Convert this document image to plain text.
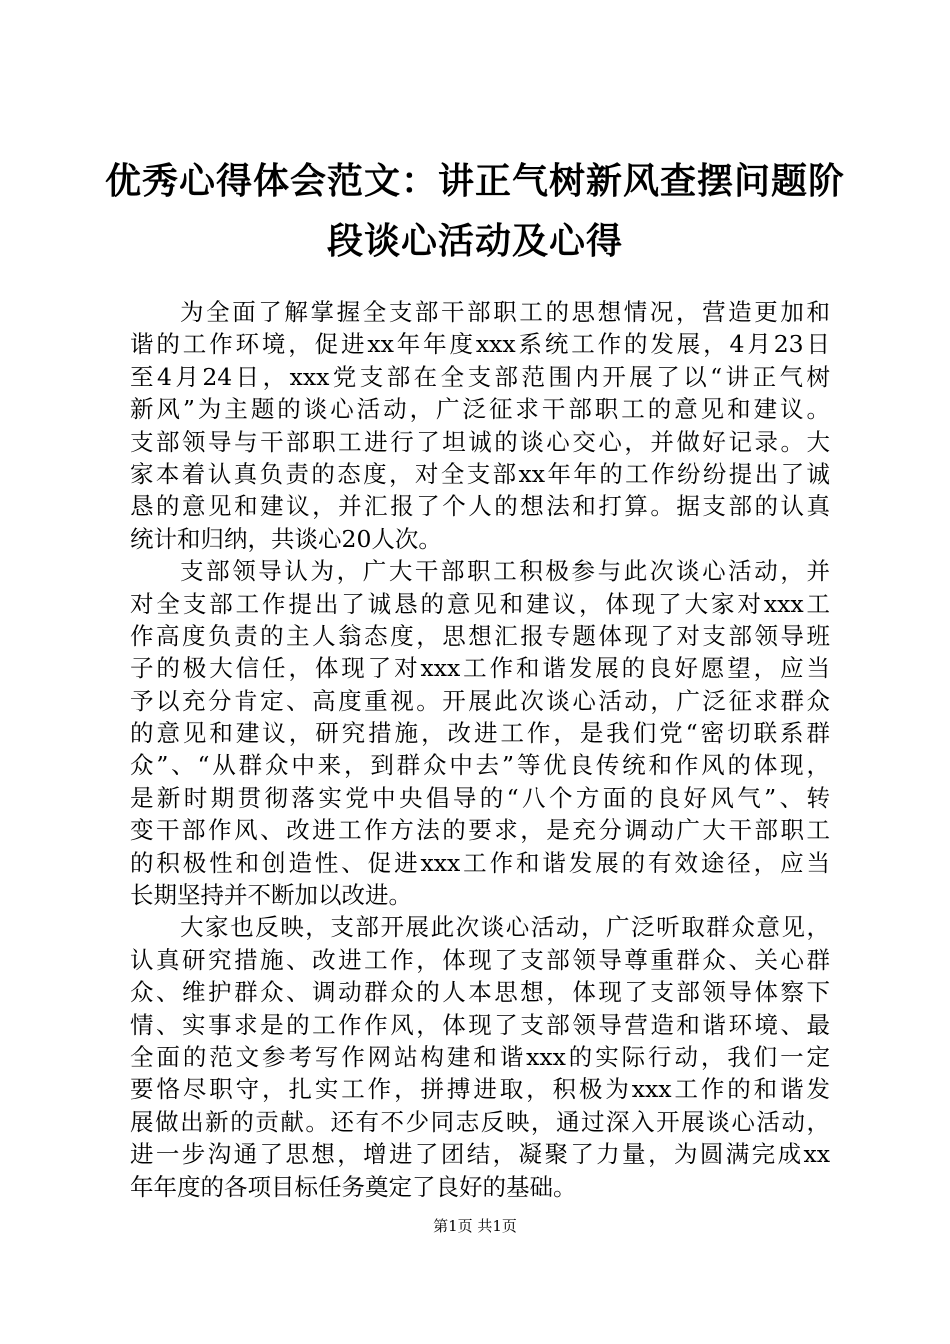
优秀心得体会范文：讲正气树新风查摆问题阶
段谈心活动及心得
为全面了解掌握全支部干部职工的思想情况，营造更加和
谐的工作环境，促进xx年年度xxx系统工作的发展，4月23日
至4月24日，xxx党支部在全支部范围内开展了以“讲正气树
新风”为主题的谈心活动，广泛征求干部职工的意见和建议。
支部领导与干部职工进行了坦诚的谈心交心，并做好记录。大
家本着认真负责的态度，对全支部xx年年的工作纷纷提出了诚
恳的意见和建议，并汇报了个人的想法和打算。据支部的认真
统计和归纳，共谈心20人次。
支部领导认为，广大干部职工积极参与此次谈心活动，并
对全支部工作提出了诚恳的意见和建议，体现了大家对xxx工
作高度负责的主人翁态度，思想汇报专题体现了对支部领导班
子的极大信任，体现了对xxx工作和谐发展的良好愿望，应当
予以充分肯定、高度重视。开展此次谈心活动，广泛征求群众
的意见和建议，研究措施，改进工作，是我们党“密切联系群
众”、“从群众中来，到群众中去”等优良传统和作风的体现，
是新时期贯彻落实党中央倡导的“八个方面的良好风气”、转
变干部作风、改进工作方法的要求，是充分调动广大干部职工
的积极性和创造性、促进xxx工作和谐发展的有效途径，应当
长期坚持并不断加以改进。
大家也反映，支部开展此次谈心活动，广泛听取群众意见，
认真研究措施、改进工作，体现了支部领导尊重群众、关心群
众、维护群众、调动群众的人本思想，体现了支部领导体察下
情、实事求是的工作作风，体现了支部领导营造和谐环境、最
全面的范文参考写作网站构建和谐xxx的实际行动，我们一定
要恪尽职守，扎实工作，拼搏进取，积极为xxx工作的和谐发
展做出新的贡献。还有不少同志反映，通过深入开展谈心活动，
进一步沟通了思想，增进了团结，凝聚了力量，为圆满完成xx
年年度的各项目标任务奠定了良好的基础。
第1页 共1页
